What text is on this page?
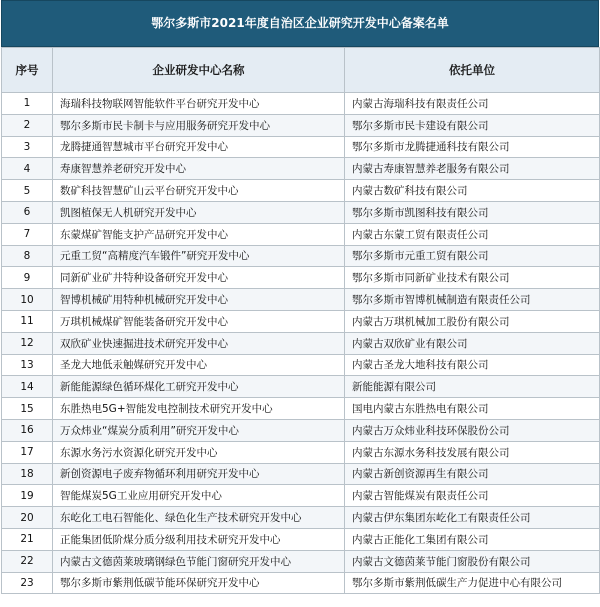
鄂尔多斯市2021年度自治区企业研究开发中心备案名单
序号	企业研发中心名称	依托单位
1	海瑞科技物联网智能软件平台研究开发中心	内蒙古海瑞科技有限责任公司
2	鄂尔多斯市民卡制卡与应用服务研究开发中心	鄂尔多斯市民卡建设有限公司
3	龙腾捷通智慧城市平台研究开发中心	鄂尔多斯市龙腾捷通科技有限公司
4	寿康智慧养老研究开发中心	内蒙古寿康智慧养老服务有限公司
5	数矿科技智慧矿山云平台研究开发中心	内蒙古数矿科技有限公司
6	凯图植保无人机研究开发中心	鄂尔多斯市凯图科技有限公司
7	东蒙煤矿智能支护产品研究开发中心	内蒙古东蒙工贸有限责任公司
8	元重工贸“高精度汽车锻件”研究开发中心	鄂尔多斯市元重工贸有限公司
9	同新矿业矿井特种设备研究开发中心	鄂尔多斯市同新矿业技术有限公司
10	智博机械矿用特种机械研究开发中心	鄂尔多斯市智博机械制造有限责任公司
11	万琪机械煤矿智能装备研究开发中心	内蒙古万琪机械加工股份有限公司
12	双欣矿业快速掘进技术研究开发中心	内蒙古双欣矿业有限公司
13	圣龙大地低汞触媒研究开发中心	内蒙古圣龙大地科技有限公司
14	新能能源绿色循环煤化工研究开发中心	新能能源有限公司
15	东胜热电5G+智能发电控制技术研究开发中心	国电内蒙古东胜热电有限公司
16	万众炜业“煤炭分质利用”研究开发中心	内蒙古万众炜业科技环保股份公司
17	东源水务污水资源化研究开发中心	内蒙古东源水务科技发展有限公司
18	新创资源电子废弃物循环利用研究开发中心	内蒙古新创资源再生有限公司
19	智能煤炭5G工业应用研究开发中心	内蒙古智能煤炭有限责任公司
20	东屹化工电石智能化、绿色化生产技术研究开发中心	内蒙古伊东集团东屹化工有限责任公司
21	正能集团低阶煤分质分级利用技术研究开发中心	内蒙古正能化工集团有限公司
22	内蒙古文德茵莱玻璃钢绿色节能门窗研究开发中心	内蒙古文德茵莱节能门窗股份有限公司
23	鄂尔多斯市紫荆低碳节能环保研究开发中心	鄂尔多斯市紫荆低碳生产力促进中心有限公司
